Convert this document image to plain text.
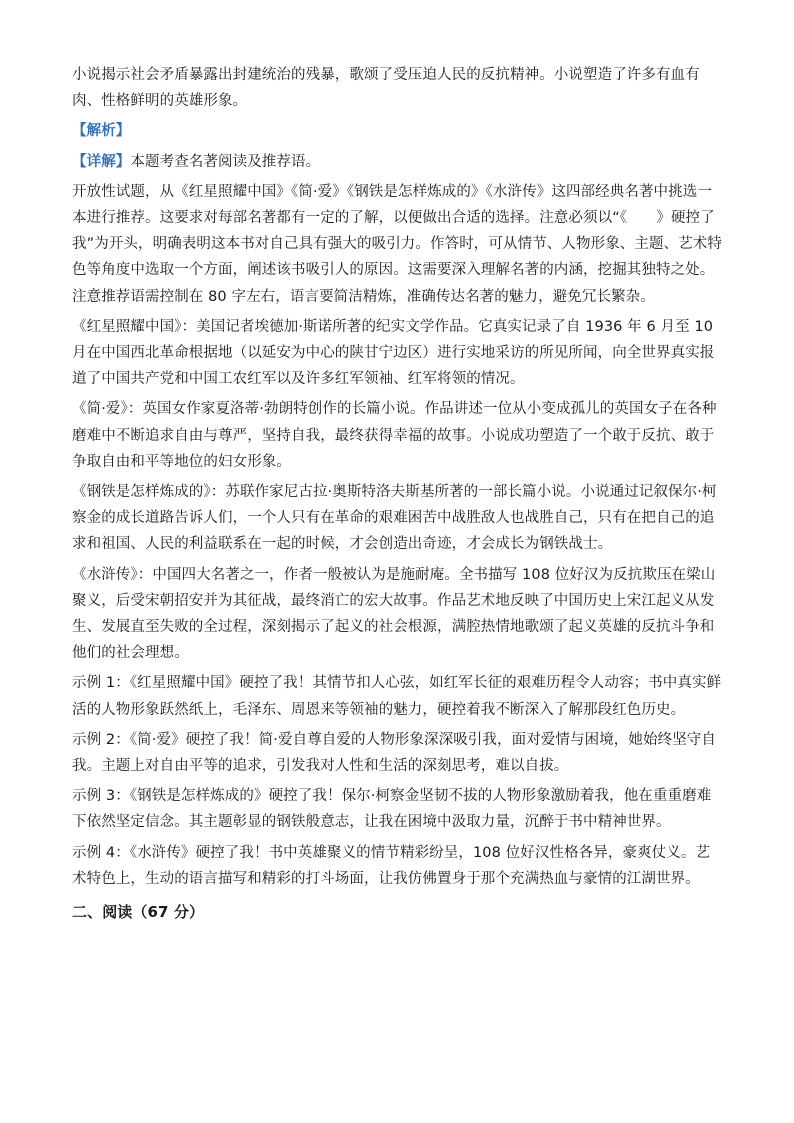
小说揭示社会矛盾暴露出封建统治的残暴，歌颂了受压迫人民的反抗精神。小说塑造了许多有血有肉、性格鲜明的英雄形象。

【解析】

【详解】本题考查名著阅读及推荐语。

开放性试题，从《红星照耀中国》《简·爱》《钢铁是怎样炼成的》《水浒传》这四部经典名著中挑选一本进行推荐。这要求对每部名著都有一定的了解，以便做出合适的选择。注意必须以“《　　》硬控了我”为开头，明确表明这本书对自己具有强大的吸引力。作答时，可从情节、人物形象、主题、艺术特色等角度中选取一个方面，阐述该书吸引人的原因。这需要深入理解名著的内涵，挖掘其独特之处。注意推荐语需控制在 80 字左右，语言要简洁精炼，准确传达名著的魅力，避免冗长繁杂。

《红星照耀中国》：美国记者埃德加·斯诺所著的纪实文学作品。它真实记录了自 1936 年 6 月至 10 月在中国西北革命根据地（以延安为中心的陕甘宁边区）进行实地采访的所见所闻，向全世界真实报道了中国共产党和中国工农红军以及许多红军领袖、红军将领的情况。

《简·爱》：英国女作家夏洛蒂·勃朗特创作的长篇小说。作品讲述一位从小变成孤儿的英国女子在各种磨难中不断追求自由与尊严，坚持自我，最终获得幸福的故事。小说成功塑造了一个敢于反抗、敢于争取自由和平等地位的妇女形象。

《钢铁是怎样炼成的》：苏联作家尼古拉·奥斯特洛夫斯基所著的一部长篇小说。小说通过记叙保尔·柯察金的成长道路告诉人们，一个人只有在革命的艰难困苦中战胜敌人也战胜自己，只有在把自己的追求和祖国、人民的利益联系在一起的时候，才会创造出奇迹，才会成长为钢铁战士。

《水浒传》：中国四大名著之一，作者一般被认为是施耐庵。全书描写 108 位好汉为反抗欺压在梁山聚义，后受宋朝招安并为其征战，最终消亡的宏大故事。作品艺术地反映了中国历史上宋江起义从发生、发展直至失败的全过程，深刻揭示了起义的社会根源，满腔热情地歌颂了起义英雄的反抗斗争和他们的社会理想。

示例 1：《红星照耀中国》硬控了我！其情节扣人心弦，如红军长征的艰难历程令人动容；书中真实鲜活的人物形象跃然纸上，毛泽东、周恩来等领袖的魅力，硬控着我不断深入了解那段红色历史。

示例 2：《简·爱》硬控了我！简·爱自尊自爱的人物形象深深吸引我，面对爱情与困境，她始终坚守自我。主题上对自由平等的追求，引发我对人性和生活的深刻思考，难以自拔。

示例 3：《钢铁是怎样炼成的》硬控了我！保尔·柯察金坚韧不拔的人物形象激励着我，他在重重磨难下依然坚定信念。其主题彰显的钢铁般意志，让我在困境中汲取力量，沉醉于书中精神世界。

示例 4：《水浒传》硬控了我！书中英雄聚义的情节精彩纷呈，108 位好汉性格各异，豪爽仗义。艺术特色上，生动的语言描写和精彩的打斗场面，让我仿佛置身于那个充满热血与豪情的江湖世界。

二、阅读（67 分）
